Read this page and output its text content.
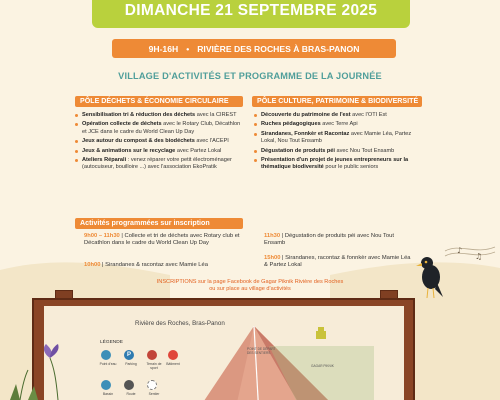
DIMANCHE 21 SEPTEMBRE 2025
9H-16H • RIVIÈRE DES ROCHES À BRAS-PANON
VILLAGE D'ACTIVITÉS ET PROGRAMME DE LA JOURNÉE
PÔLE DÉCHETS & ÉCONOMIE CIRCULAIRE
Sensibilisation tri & réduction des déchets avec la CIREST
Opération collecte de déchets avec le Rotary Club, Décathlon et JCE dans le cadre du World Clean Up Day
Jeux autour du compost & des biodéchets avec l'ACEPI
Jeux & animations sur le recyclage avec Partez Lokal
Ateliers Réparali : venez réparer votre petit électroménager (autocuiseur, bouilloire ...) avec l'association EkoPratik
PÔLE CULTURE, PATRIMOINE & BIODIVERSITÉ
Découverte du patrimoine de l'est avec l'OTI Est
Ruches pédagogiques avec Terre Api
Sirandanes, Fonnkèr et Racontaz avec Mamie Léa, Partez Lokal, Nou Tout Ensamb
Dégustation de produits péi avec Nou Tout Ensamb
Présentation d'un projet de jeunes entrepreneurs sur la thématique biodiversité pour le public seniors
Activités programmées sur inscription
9h00 – 11h30 | Collecte et tri de déchets avec Rotary club et Décathlon dans le cadre du World Clean Up Day
10h00 | Sirandanes & racontaz avec Mamie Léa
11h30 | Dégustation de produits péi avec Nou Tout Ensamb
15h00 | Sirandanes, racontaz & fonnkèr avec Mamie Léa & Partez Lokal
♪
♫
INSCRIPTIONS sur la page Facebook de Gagar Piknik Rivière des Roches
ou sur place au village d'activités
Rivière des Roches, Bras-Panon
LÉGENDE
POINT DE DÉPART DES SENTIERS
GAGAR PIKNIK
P
Point d'eau	Parking	Terrain de sport
Bâtiment
Bassin	Route	Sentier
